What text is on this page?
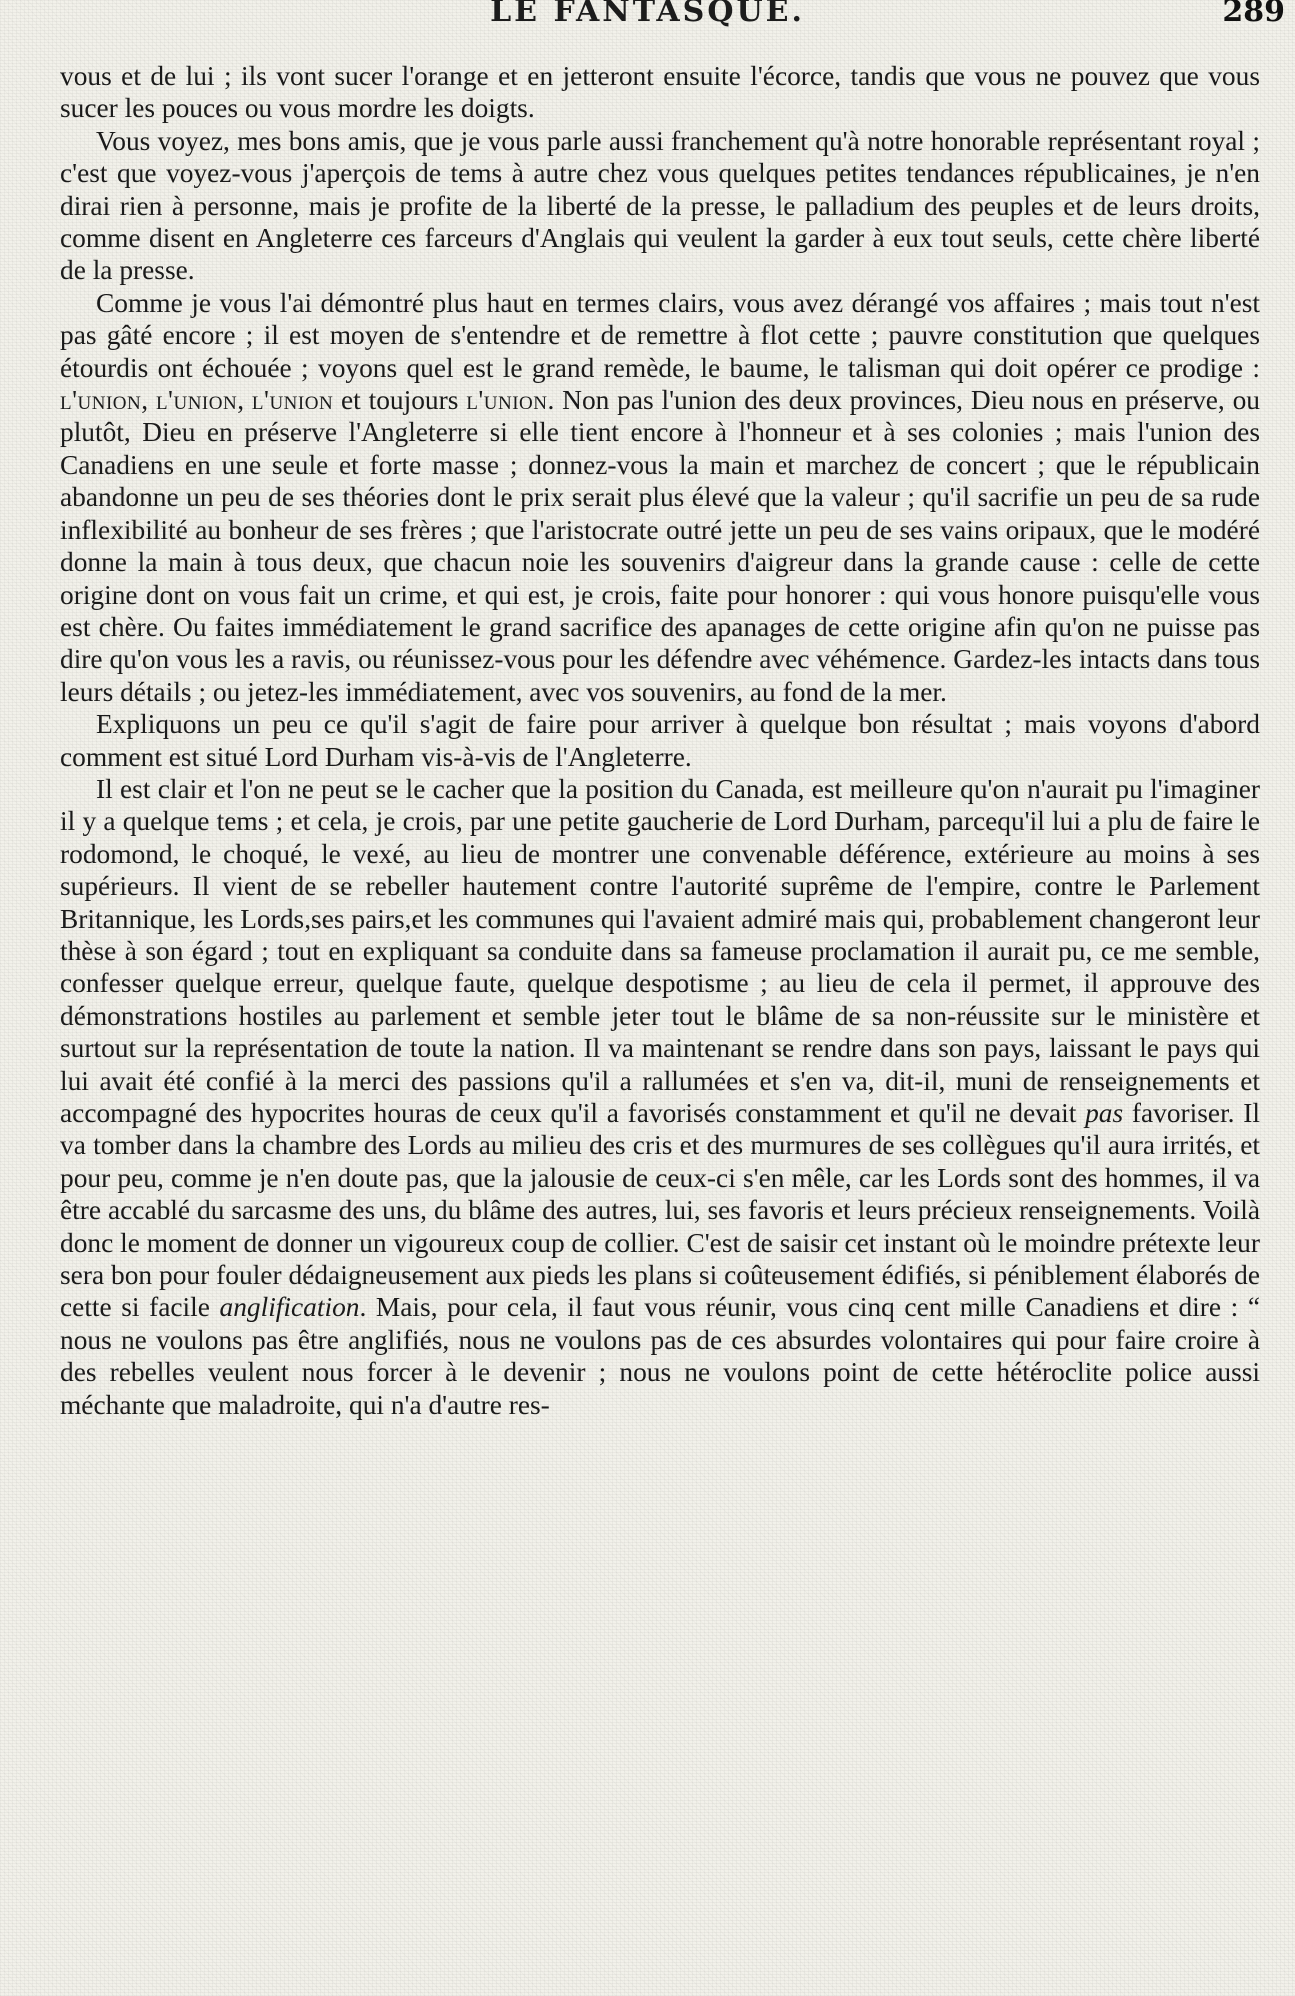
LE FANTASQUE.	289

vous et de lui ; ils vont sucer l'orange et en jetteront ensuite l'écorce, tandis que vous ne pouvez que vous sucer les pouces ou vous mordre les doigts.

Vous voyez, mes bons amis, que je vous parle aussi franchement qu'à notre honorable représentant royal ; c'est que voyez-vous j'aperçois de tems à autre chez vous quelques petites tendances républicaines, je n'en dirai rien à personne, mais je profite de la liberté de la presse, le palladium des peuples et de leurs droits, comme disent en Angleterre ces farceurs d'Anglais qui veulent la garder à eux tout seuls, cette chère liberté de la presse.

Comme je vous l'ai démontré plus haut en termes clairs, vous avez dérangé vos affaires ; mais tout n'est pas gâté encore ; il est moyen de s'entendre et de remettre à flot cette ; pauvre constitution que quelques étourdis ont échouée ; voyons quel est le grand remède, le baume, le talisman qui doit opérer ce prodige : l'union, l'union, l'union et toujours l'union. Non pas l'union des deux provinces, Dieu nous en préserve, ou plutôt, Dieu en préserve l'Angleterre si elle tient encore à l'honneur et à ses colonies ; mais l'union des Canadiens en une seule et forte masse ; donnez-vous la main et marchez de concert ; que le républicain abandonne un peu de ses théories dont le prix serait plus élevé que la valeur ; qu'il sacrifie un peu de sa rude inflexibilité au bonheur de ses frères ; que l'aristocrate outré jette un peu de ses vains oripaux, que le modéré donne la main à tous deux, que chacun noie les souvenirs d'aigreur dans la grande cause : celle de cette origine dont on vous fait un crime, et qui est, je crois, faite pour honorer : qui vous honore puisqu'elle vous est chère. Ou faites immédiatement le grand sacrifice des apanages de cette origine afin qu'on ne puisse pas dire qu'on vous les a ravis, ou réunissez-vous pour les défendre avec véhémence. Gardez-les intacts dans tous leurs détails ; ou jetez-les immédiatement, avec vos souvenirs, au fond de la mer.

Expliquons un peu ce qu'il s'agit de faire pour arriver à quelque bon résultat ; mais voyons d'abord comment est situé Lord Durham vis-à-vis de l'Angleterre.

Il est clair et l'on ne peut se le cacher que la position du Canada, est meilleure qu'on n'aurait pu l'imaginer il y a quelque tems ; et cela, je crois, par une petite gaucherie de Lord Durham, parcequ'il lui a plu de faire le rodomond, le choqué, le vexé, au lieu de montrer une convenable déférence, extérieure au moins à ses supérieurs. Il vient de se rebeller hautement contre l'autorité suprême de l'empire, contre le Parlement Britannique, les Lords,ses pairs,et les communes qui l'avaient admiré mais qui, probablement changeront leur thèse à son égard ; tout en expliquant sa conduite dans sa fameuse proclamation il aurait pu, ce me semble, confesser quelque erreur, quelque faute, quelque despotisme ; au lieu de cela il permet, il approuve des démonstrations hostiles au parlement et semble jeter tout le blâme de sa non-réussite sur le ministère et surtout sur la représentation de toute la nation. Il va maintenant se rendre dans son pays, laissant le pays qui lui avait été confié à la merci des passions qu'il a rallumées et s'en va, dit-il, muni de renseignements et accompagné des hypocrites houras de ceux qu'il a favorisés constamment et qu'il ne devait pas favoriser. Il va tomber dans la chambre des Lords au milieu des cris et des murmures de ses collègues qu'il aura irrités, et pour peu, comme je n'en doute pas, que la jalousie de ceux-ci s'en mêle, car les Lords sont des hommes, il va être accablé du sarcasme des uns, du blâme des autres, lui, ses favoris et leurs précieux renseignements. Voilà donc le moment de donner un vigoureux coup de collier. C'est de saisir cet instant où le moindre prétexte leur sera bon pour fouler dédaigneusement aux pieds les plans si coûteusement édifiés, si péniblement élaborés de cette si facile anglification. Mais, pour cela, il faut vous réunir, vous cinq cent mille Canadiens et dire : “ nous ne voulons pas être anglifiés, nous ne voulons pas de ces absurdes volontaires qui pour faire croire à des rebelles veulent nous forcer à le devenir ; nous ne voulons point de cette hétéroclite police aussi méchante que maladroite, qui n'a d'autre res-
